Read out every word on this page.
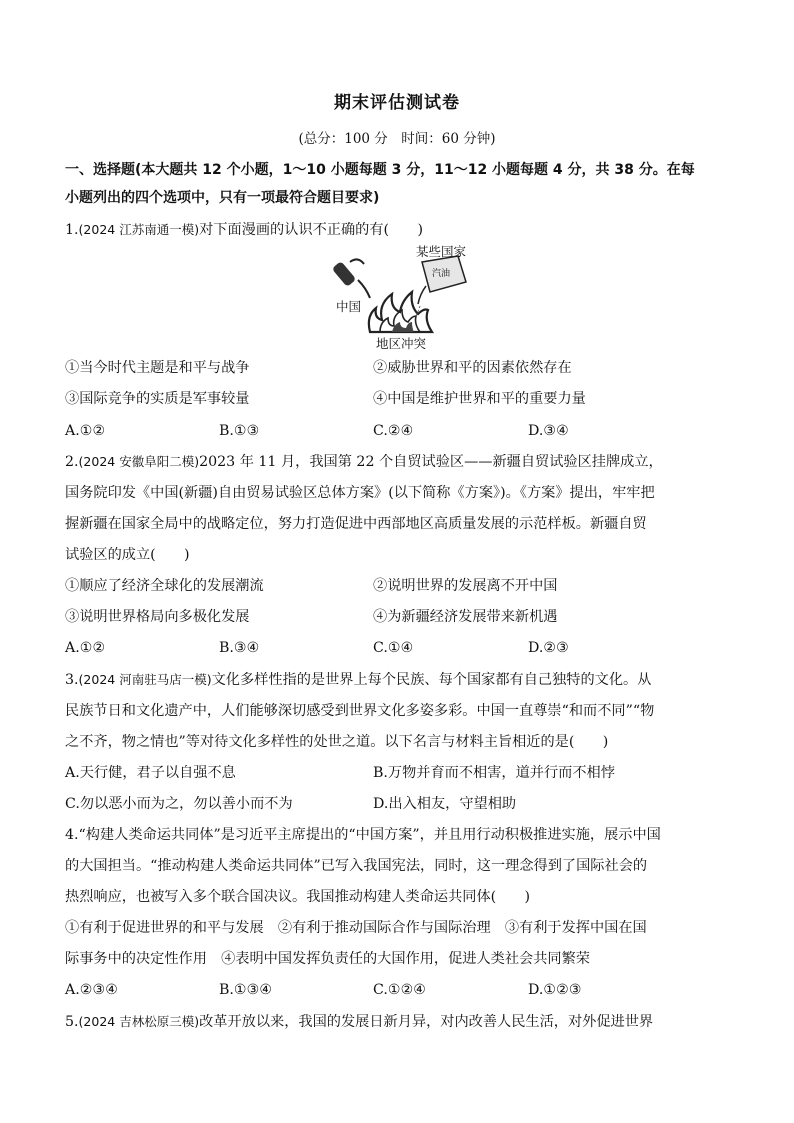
期末评估测试卷
(总分：100 分　时间：60 分钟)
一、选择题(本大题共 12 个小题，1～10 小题每题 3 分，11～12 小题每题 4 分，共 38 分。在每
小题列出的四个选项中，只有一项最符合题目要求)
1.(2024 江苏南通一模)对下面漫画的认识不正确的有(　　)
中国
某些国家
汽油
地区冲突
①当今时代主题是和平与战争	②威胁世界和平的因素依然存在
③国际竞争的实质是军事较量	④中国是维护世界和平的重要力量
A.①②	B.①③	C.②④	D.③④
2.(2024 安徽阜阳二模)2023 年 11 月，我国第 22 个自贸试验区——新疆自贸试验区挂牌成立，
国务院印发《中国(新疆)自由贸易试验区总体方案》(以下简称《方案》)。《方案》提出，牢牢把
握新疆在国家全局中的战略定位，努力打造促进中西部地区高质量发展的示范样板。新疆自贸
试验区的成立(　　)
①顺应了经济全球化的发展潮流	②说明世界的发展离不开中国
③说明世界格局向多极化发展	④为新疆经济发展带来新机遇
A.①②	B.③④	C.①④	D.②③
3.(2024 河南驻马店一模)文化多样性指的是世界上每个民族、每个国家都有自己独特的文化。从
民族节日和文化遗产中，人们能够深切感受到世界文化多姿多彩。中国一直尊崇“和而不同”“物
之不齐，物之情也”等对待文化多样性的处世之道。以下名言与材料主旨相近的是(　　)
A.天行健，君子以自强不息	B.万物并育而不相害，道并行而不相悖
C.勿以恶小而为之，勿以善小而不为	D.出入相友，守望相助
4.“构建人类命运共同体”是习近平主席提出的“中国方案”，并且用行动积极推进实施，展示中国
的大国担当。“推动构建人类命运共同体”已写入我国宪法，同时，这一理念得到了国际社会的
热烈响应，也被写入多个联合国决议。我国推动构建人类命运共同体(　　)
①有利于促进世界的和平与发展　②有利于推动国际合作与国际治理　③有利于发挥中国在国
际事务中的决定性作用　④表明中国发挥负责任的大国作用，促进人类社会共同繁荣
A.②③④	B.①③④	C.①②④	D.①②③
5.(2024 吉林松原三模)改革开放以来，我国的发展日新月异，对内改善人民生活，对外促进世界
